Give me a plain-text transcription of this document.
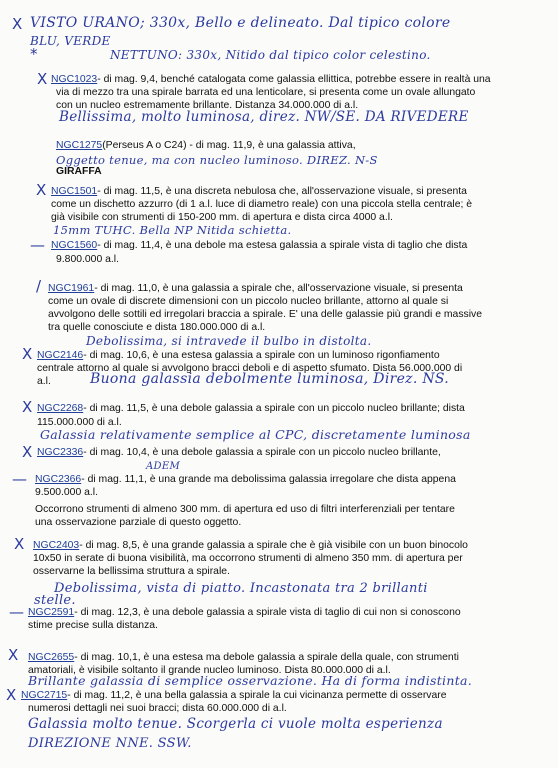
X VISTO URANO; 330x, Bello e delineato. Dal tipico colore
BLU, VERDE
*	NETTUNO: 330x, Nitido dal tipico color celestino.
X NGC1023- di mag. 9,4, benché catalogata come galassia ellittica, potrebbe essere in realtà una
via di mezzo tra una spirale barrata ed una lenticolare, si presenta come un ovale allungato
con un nucleo estremamente brillante. Distanza 34.000.000 di a.l.
Bellissima, molto luminosa, direz. NW/SE. DA RIVEDERE
NGC1275(Perseus A o C24) - di mag. 11,9, è una galassia attiva,
Oggetto tenue, ma con nucleo luminoso. DIREZ. N-S
GIRAFFA
X NGC1501- di mag. 11,5, è una discreta nebulosa che, all'osservazione visuale, si presenta
come un dischetto azzurro (di 1 a.l. luce di diametro reale) con una piccola stella centrale; è
già visibile con strumenti di 150-200 mm. di apertura e dista circa 4000 a.l.
15mm TUHC. Bella NP Nitida schietta.
— NGC1560- di mag. 11,4, è una debole ma estesa galassia a spirale vista di taglio che dista
9.800.000 a.l.
/ NGC1961- di mag. 11,0, è una galassia a spirale che, all'osservazione visuale, si presenta
come un ovale di discrete dimensioni con un piccolo nucleo brillante, attorno al quale si
avvolgono delle sottili ed irregolari braccia a spirale. E' una delle galassie più grandi e massive
tra quelle conosciute e dista 180.000.000 di a.l.
Debolissima, si intravede il bulbo in distolta.
X NGC2146- di mag. 10,6, è una estesa galassia a spirale con un luminoso rigonfiamento
centrale attorno al quale si avvolgono bracci deboli e di aspetto sfumato. Dista 56.000.000 di
a.l.	Buona galassia debolmente luminosa, Direz. NS.
X NGC2268- di mag. 11,5, è una debole galassia a spirale con un piccolo nucleo brillante; dista
115.000.000 di a.l.
Galassia relativamente semplice al CPC, discretamente luminosa
X NGC2336- di mag. 10,4, è una debole galassia a spirale con un piccolo nucleo brillante,
ADEM
— NGC2366- di mag. 11,1, è una grande ma debolissima galassia irregolare che dista appena
9.500.000 a.l.
Occorrono strumenti di almeno 300 mm. di apertura ed uso di filtri interferenziali per tentare
una osservazione parziale di questo oggetto.
X NGC2403- di mag. 8,5, è una grande galassia a spirale che è già visibile con un buon binocolo
10x50 in serate di buona visibilità, ma occorrono strumenti di almeno 350 mm. di apertura per
osservarne la bellissima struttura a spirale.
Debolissima, vista di piatto. Incastonata tra 2 brillanti
stelle.
— NGC2591- di mag. 12,3, è una debole galassia a spirale vista di taglio di cui non si conoscono
stime precise sulla distanza.
X NGC2655- di mag. 10,1, è una estesa ma debole galassia a spirale della quale, con strumenti
amatoriali, è visibile soltanto il grande nucleo luminoso. Dista 80.000.000 di a.l.
Brillante galassia di semplice osservazione. Ha di forma indistinta.
X NGC2715- di mag. 11,2, è una bella galassia a spirale la cui vicinanza permette di osservare
numerosi dettagli nei suoi bracci; dista 60.000.000 di a.l.
Galassia molto tenue. Scorgerla ci vuole molta esperienza
DIREZIONE NNE. SSW.
